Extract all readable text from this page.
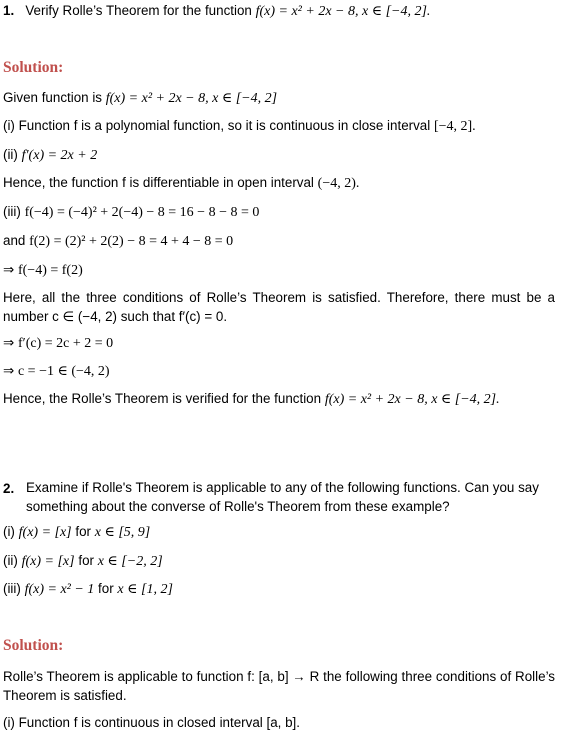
1. Verify Rolle’s Theorem for the function f(x) = x² + 2x − 8, x ∈ [−4, 2].
Solution:
Given function is f(x) = x² + 2x − 8, x ∈ [−4, 2]
(i) Function f is a polynomial function, so it is continuous in close interval [−4, 2].
(ii) f′(x) = 2x + 2
Hence, the function f is differentiable in open interval (−4, 2).
(iii) f(−4) = (−4)² + 2(−4) − 8 = 16 − 8 − 8 = 0
and f(2) = (2)² + 2(2) − 8 = 4 + 4 − 8 = 0
⇒ f(−4) = f(2)
Here, all the three conditions of Rolle’s Theorem is satisfied. Therefore, there must be a number c ∈ (−4, 2) such that f′(c) = 0.
⇒ f′(c) = 2c + 2 = 0
⇒ c = −1 ∈ (−4, 2)
Hence, the Rolle’s Theorem is verified for the function f(x) = x² + 2x − 8, x ∈ [−4, 2].
2. Examine if Rolle's Theorem is applicable to any of the following functions. Can you say something about the converse of Rolle's Theorem from these example?
(i) f(x) = [x] for x ∈ [5, 9]
(ii) f(x) = [x] for x ∈ [−2, 2]
(iii) f(x) = x² − 1 for x ∈ [1, 2]
Solution:
Rolle’s Theorem is applicable to function f: [a, b] → R the following three conditions of Rolle’s Theorem is satisfied.
(i) Function f is continuous in closed interval [a, b].
